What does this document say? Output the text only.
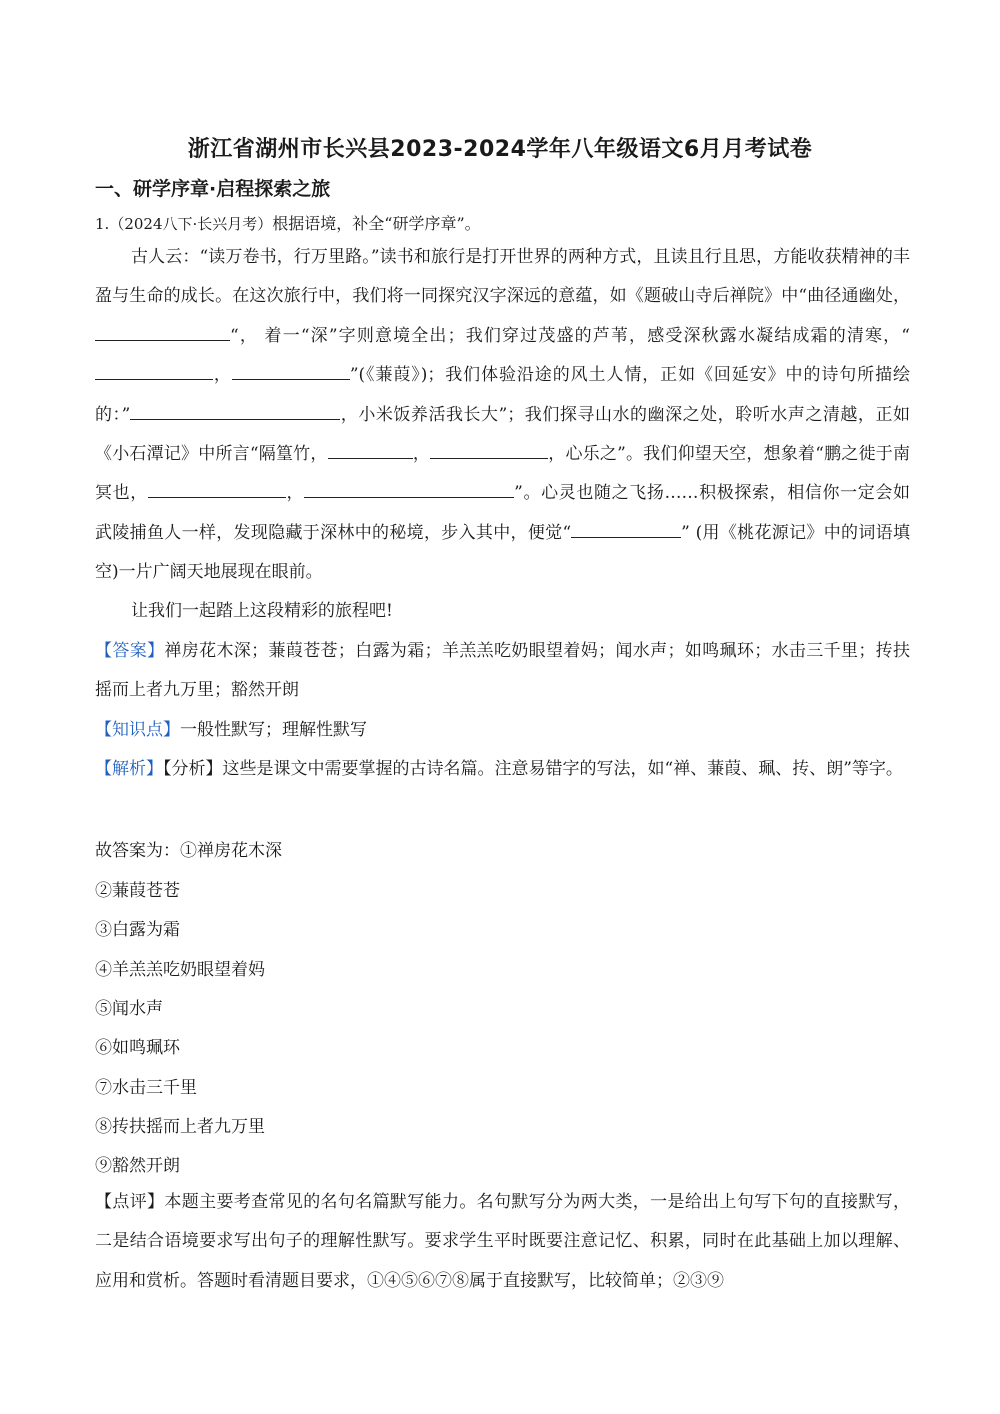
浙江省湖州市长兴县2023-2024学年八年级语文6月月考试卷
一、研学序章·启程探索之旅
1.（2024八下·长兴月考）根据语境，补全“研学序章”。

古人云：“读万卷书，行万里路。”读书和旅行是打开世界的两种方式，且读且行且思，方能收获精神的丰盈与生命的成长。在这次旅行中，我们将一同探究汉字深远的意蕴，如《题破山寺后禅院》中“曲径通幽处，“， 着一“深”字则意境全出；我们穿过茂盛的芦苇，感受深秋露水凝结成霜的清寒，“，	”(《蒹葭》)；我们体验沿途的风土人情，正如《回延安》中的诗句所描绘的：”	，小米饭养活我长大”；我们探寻山水的幽深之处，聆听水声之清越，正如《小石潭记》中所言“隔篁竹，	，	，心乐之”。我们仰望天空，想象着“鹏之徙于南冥也，	，	”。心灵也随之飞扬……积极探索，相信你一定会如武陵捕鱼人一样，发现隐藏于深林中的秘境，步入其中，便觉“	” (用《桃花源记》中的词语填空)一片广阔天地展现在眼前。

让我们一起踏上这段精彩的旅程吧!

【答案】禅房花木深；蒹葭苍苍；白露为霜；羊羔羔吃奶眼望着妈；闻水声；如鸣珮环；水击三千里；抟扶摇而上者九万里；豁然开朗

【知识点】一般性默写；理解性默写

【解析】【分析】这些是课文中需要掌握的古诗名篇。注意易错字的写法，如“禅、蒹葭、珮、抟、朗”等字。

故答案为：①禅房花木深
②蒹葭苍苍
③白露为霜
④羊羔羔吃奶眼望着妈
⑤闻水声
⑥如鸣珮环
⑦水击三千里
⑧抟扶摇而上者九万里
⑨豁然开朗

【点评】本题主要考查常见的名句名篇默写能力。名句默写分为两大类，一是给出上句写下句的直接默写，二是结合语境要求写出句子的理解性默写。要求学生平时既要注意记忆、积累，同时在此基础上加以理解、应用和赏析。答题时看清题目要求，①④⑤⑥⑦⑧属于直接默写，比较简单；②③⑨
